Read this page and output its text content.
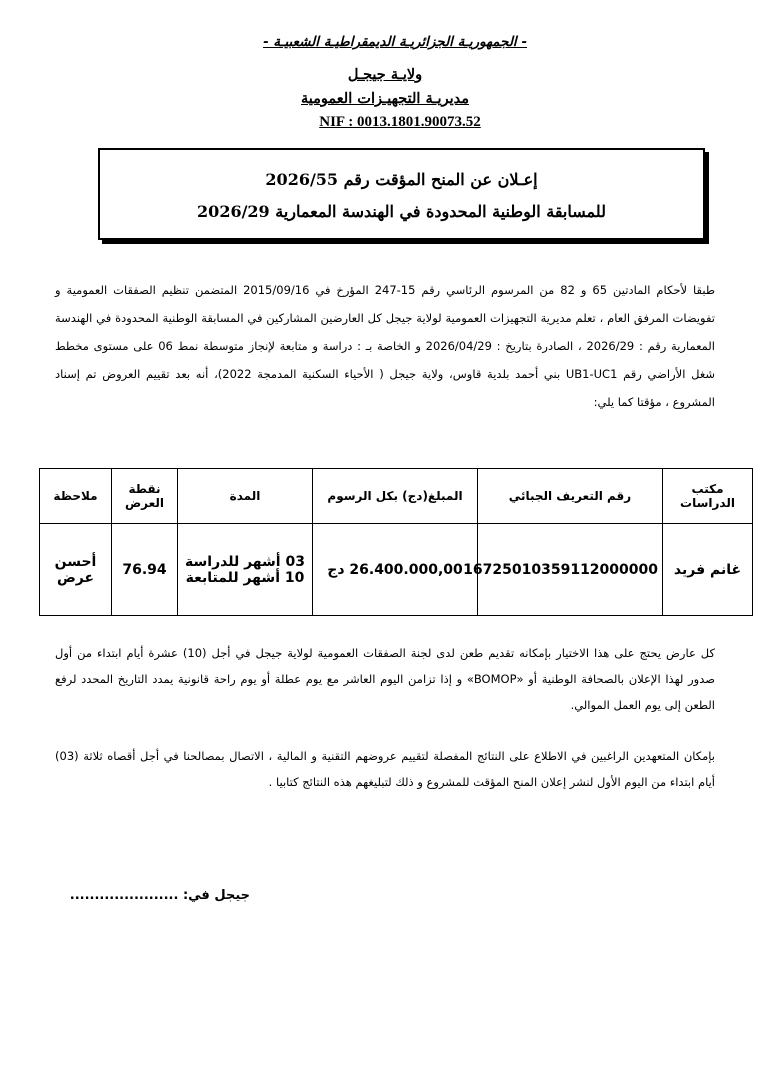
- الجمهوريـة الجزائريـة الديمقراطيـة الشعبيـة -
ولايـة جيجـل
مديريـة التجهيـزات العمومية
NIF : 0013.1801.90073.52
إعـلان عن المنح المؤقت رقم 2026/55
للمسابقة الوطنية المحدودة في الهندسة المعمارية 2026/29
طبقا لأحكام المادتين 65 و 82 من المرسوم الرئاسي رقم 15-247 المؤرخ في 2015/09/16 المتضمن تنظيم الصفقات العمومية و تفويضات المرفق العام ، تعلم مديرية التجهيزات العمومية لولاية جيجل كل العارضين المشاركين في المسابقة الوطنية المحدودة في الهندسة المعمارية رقم : 2026/29 ، الصادرة بتاريخ : 2026/04/29 و الخاصة بـ : دراسة و متابعة لإنجاز متوسطة نمط 06 على مستوى مخطط شغل الأراضي رقم UB1-UC1 بني أحمد بلدية قاوس، ولاية جيجل ( الأحياء السكنية المدمجة 2022)، أنه بعد تقييم العروض تم إسناد المشروع ، مؤقتا كما يلي:
مكتب الدراسات	رقم التعريف الجبائي	المبلغ(دج) بكل الرسوم	المدة	نقطة العرض	ملاحظة
غانم فريد	16725010359112000000	26.400.000,00 دج	03 أشهر للدراسة 10 أشهر للمتابعة	76.94	أحسن عرض
كل عارض يحتج على هذا الاختيار بإمكانه تقديم طعن لدى لجنة الصفقات العمومية لولاية جيجل في أجل (10) عشرة أيام ابتداء من أول صدور لهذا الإعلان بالصحافة الوطنية أو «BOMOP» و إذا تزامن اليوم العاشر مع يوم عطلة أو يوم راحة قانونية يمدد التاريخ المحدد لرفع الطعن إلى يوم العمل الموالي.
بإمكان المتعهدين الراغبين في الاطلاع على النتائج المفصلة لتقييم عروضهم التقنية و المالية ، الاتصال بمصالحنا في أجل أقصاه ثلاثة (03) أيام ابتداء من اليوم الأول لنشر إعلان المنح المؤقت للمشروع و ذلك لتبليغهم هذه النتائج كتابيا .
جيجل في: ......................
